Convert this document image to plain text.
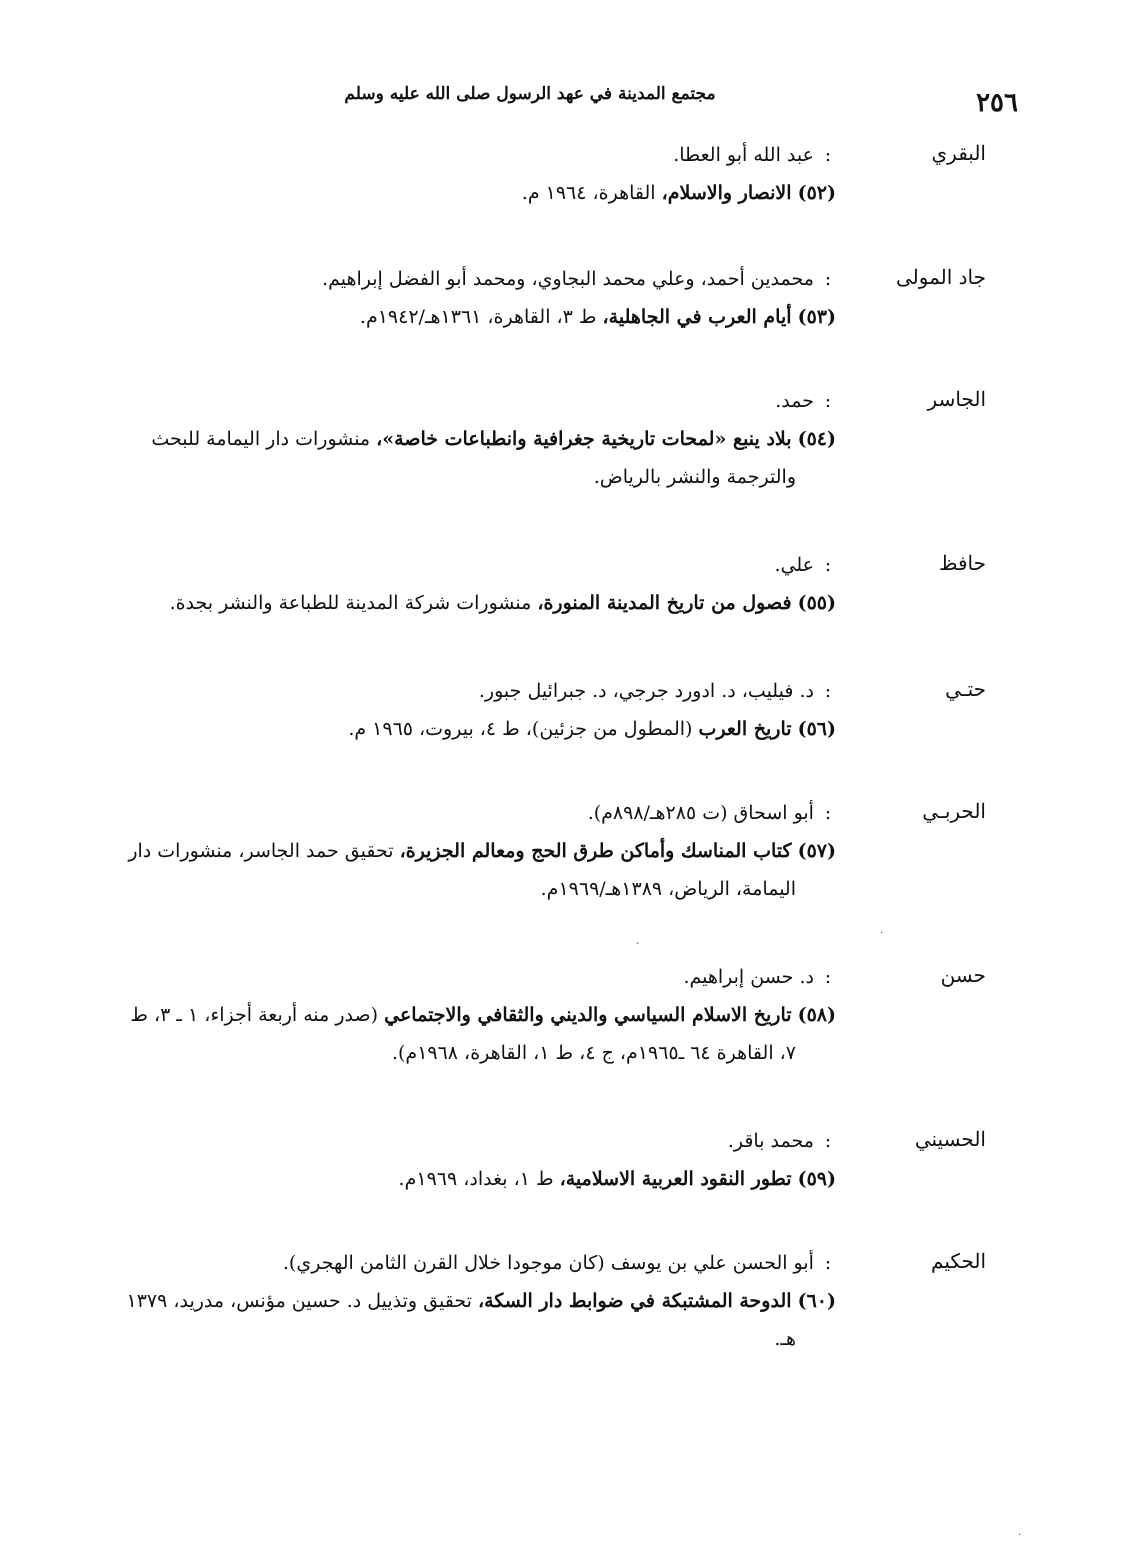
٢٥٦
مجتمع المدينة في عهد الرسول صلى الله عليه وسلم
البقري
: عبد الله أبو العطا.
(٥٢) الانصار والاسلام، القاهرة، ١٩٦٤ م.
جاد المولى
: محمدين أحمد، وعلي محمد البجاوي، ومحمد أبو الفضل إبراهيم.
(٥٣) أيام العرب في الجاهلية، ط ٣، القاهرة، ١٣٦١هـ/١٩٤٢م.
الجاسر
: حمد.
(٥٤) بلاد ينبع «لمحات تاريخية جغرافية وانطباعات خاصة»، منشورات دار اليمامة للبحث
والترجمة والنشر بالرياض.
حافظ
: علي.
(٥٥) فصول من تاريخ المدينة المنورة، منشورات شركة المدينة للطباعة والنشر بجدة.
حتـي
: د. فيليب، د. ادورد جرجي، د. جبرائيل جبور.
(٥٦) تاريخ العرب (المطول من جزئين)، ط ٤، بيروت، ١٩٦٥ م.
الحربـي
: أبو اسحاق (ت ٢٨٥هـ/٨٩٨م).
(٥٧) كتاب المناسك وأماكن طرق الحج ومعالم الجزيرة، تحقيق حمد الجاسر، منشورات دار
اليمامة، الرياض، ١٣٨٩هـ/١٩٦٩م.
حسن
: د. حسن إبراهيم.
(٥٨) تاريخ الاسلام السياسي والديني والثقافي والاجتماعي (صدر منه أربعة أجزاء، ١ ـ ٣، ط
٧، القاهرة ٦٤ ـ١٩٦٥م، ج ٤، ط ١، القاهرة، ١٩٦٨م).
الحسيني
: محمد باقر.
(٥٩) تطور النقود العربية الاسلامية، ط ١، بغداد، ١٩٦٩م.
الحكيم
: أبو الحسن علي بن يوسف (كان موجودا خلال القرن الثامن الهجري).
(٦٠) الدوحة المشتبكة في ضوابط دار السكة، تحقيق وتذييل د. حسين مؤنس، مدريد، ١٣٧٩
هـ.
‐
·
·
